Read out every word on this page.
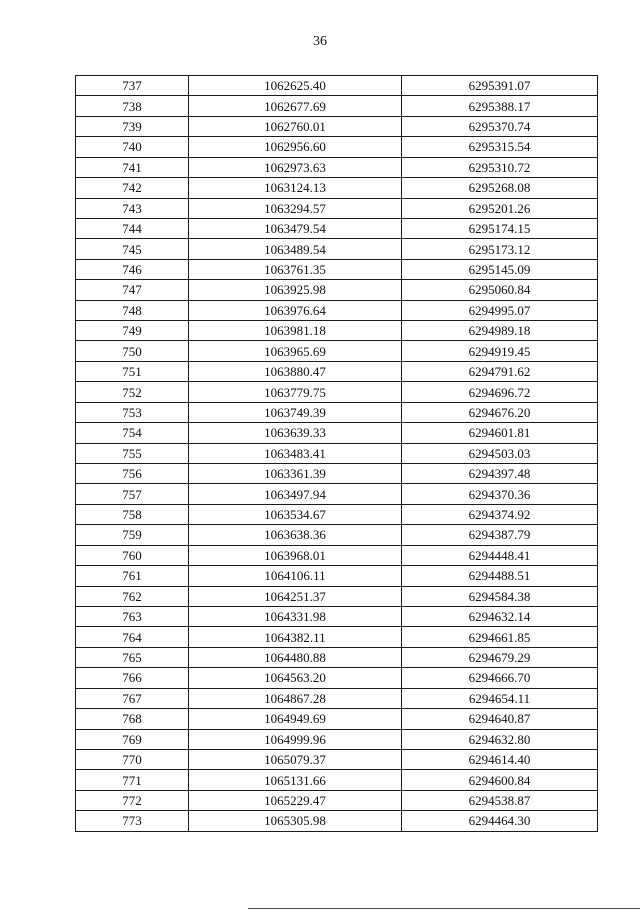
36
737	1062625.40	6295391.07
738	1062677.69	6295388.17
739	1062760.01	6295370.74
740	1062956.60	6295315.54
741	1062973.63	6295310.72
742	1063124.13	6295268.08
743	1063294.57	6295201.26
744	1063479.54	6295174.15
745	1063489.54	6295173.12
746	1063761.35	6295145.09
747	1063925.98	6295060.84
748	1063976.64	6294995.07
749	1063981.18	6294989.18
750	1063965.69	6294919.45
751	1063880.47	6294791.62
752	1063779.75	6294696.72
753	1063749.39	6294676.20
754	1063639.33	6294601.81
755	1063483.41	6294503.03
756	1063361.39	6294397.48
757	1063497.94	6294370.36
758	1063534.67	6294374.92
759	1063638.36	6294387.79
760	1063968.01	6294448.41
761	1064106.11	6294488.51
762	1064251.37	6294584.38
763	1064331.98	6294632.14
764	1064382.11	6294661.85
765	1064480.88	6294679.29
766	1064563.20	6294666.70
767	1064867.28	6294654.11
768	1064949.69	6294640.87
769	1064999.96	6294632.80
770	1065079.37	6294614.40
771	1065131.66	6294600.84
772	1065229.47	6294538.87
773	1065305.98	6294464.30
